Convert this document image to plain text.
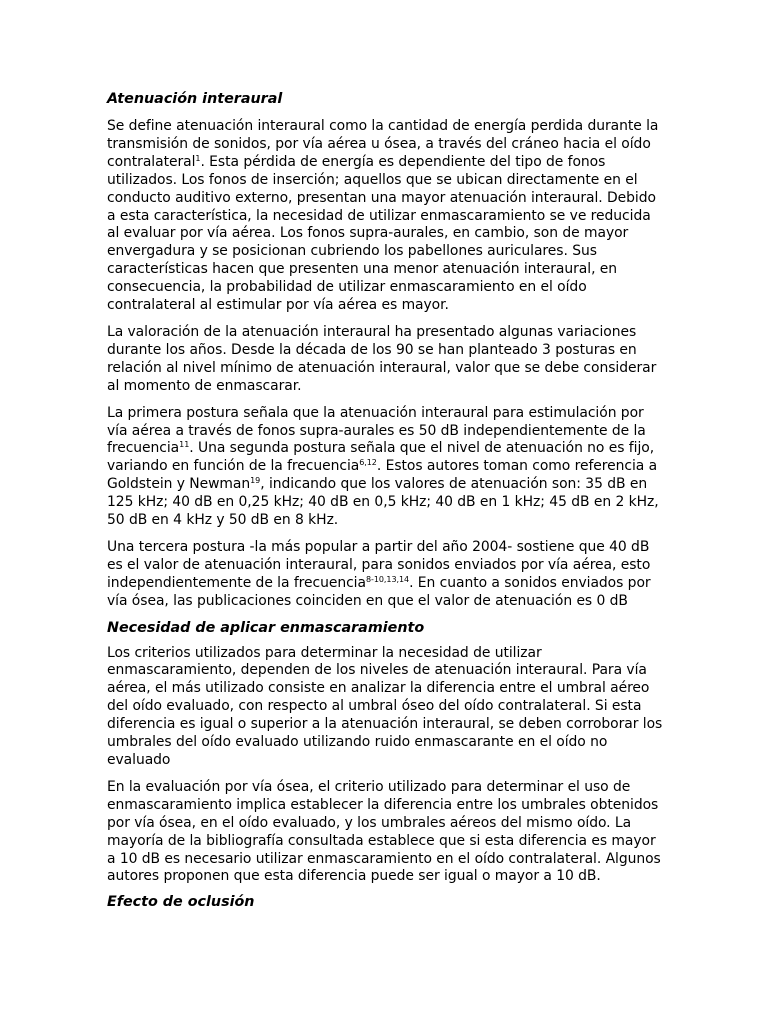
Atenuación interaural

Se define atenuación interaural como la cantidad de energía perdida durante la transmisión de sonidos, por vía aérea u ósea, a través del cráneo hacia el oído contralateral$^1$. Esta pérdida de energía es dependiente del tipo de fonos utilizados. Los fonos de inserción; aquellos que se ubican directamente en el conducto auditivo externo, presentan una mayor atenuación interaural. Debido a esta característica, la necesidad de utilizar enmascaramiento se ve reducida al evaluar por vía aérea. Los fonos supra-aurales, en cambio, son de mayor envergadura y se posicionan cubriendo los pabellones auriculares. Sus características hacen que presenten una menor atenuación interaural, en consecuencia, la probabilidad de utilizar enmascaramiento en el oído contralateral al estimular por vía aérea es mayor.

La valoración de la atenuación interaural ha presentado algunas variaciones durante los años. Desde la década de los 90 se han planteado 3 posturas en relación al nivel mínimo de atenuación interaural, valor que se debe considerar al momento de enmascarar.

La primera postura señala que la atenuación interaural para estimulación por vía aérea a través de fonos supra-aurales es 50 dB independientemente de la frecuencia$^{11}$. Una segunda postura señala que el nivel de atenuación no es fijo, variando en función de la frecuencia$^{6,12}$. Estos autores toman como referencia a Goldstein y Newman$^{19}$, indicando que los valores de atenuación son: 35 dB en 125 kHz; 40 dB en 0,25 kHz; 40 dB en 0,5 kHz; 40 dB en 1 kHz; 45 dB en 2 kHz, 50 dB en 4 kHz y 50 dB en 8 kHz.

Una tercera postura -la más popular a partir del año 2004- sostiene que 40 dB es el valor de atenuación interaural, para sonidos enviados por vía aérea, esto independientemente de la frecuencia$^{8-10,13,14}$. En cuanto a sonidos enviados por vía ósea, las publicaciones coinciden en que el valor de atenuación es 0 dB

Necesidad de aplicar enmascaramiento

Los criterios utilizados para determinar la necesidad de utilizar enmascaramiento, dependen de los niveles de atenuación interaural. Para vía aérea, el más utilizado consiste en analizar la diferencia entre el umbral aéreo del oído evaluado, con respecto al umbral óseo del oído contralateral. Si esta diferencia es igual o superior a la atenuación interaural, se deben corroborar los umbrales del oído evaluado utilizando ruido enmascarante en el oído no evaluado

En la evaluación por vía ósea, el criterio utilizado para determinar el uso de enmascaramiento implica establecer la diferencia entre los umbrales obtenidos por vía ósea, en el oído evaluado, y los umbrales aéreos del mismo oído. La mayoría de la bibliografía consultada establece que si esta diferencia es mayor a 10 dB es necesario utilizar enmascaramiento en el oído contralateral. Algunos autores proponen que esta diferencia puede ser igual o mayor a 10 dB.

Efecto de oclusión
